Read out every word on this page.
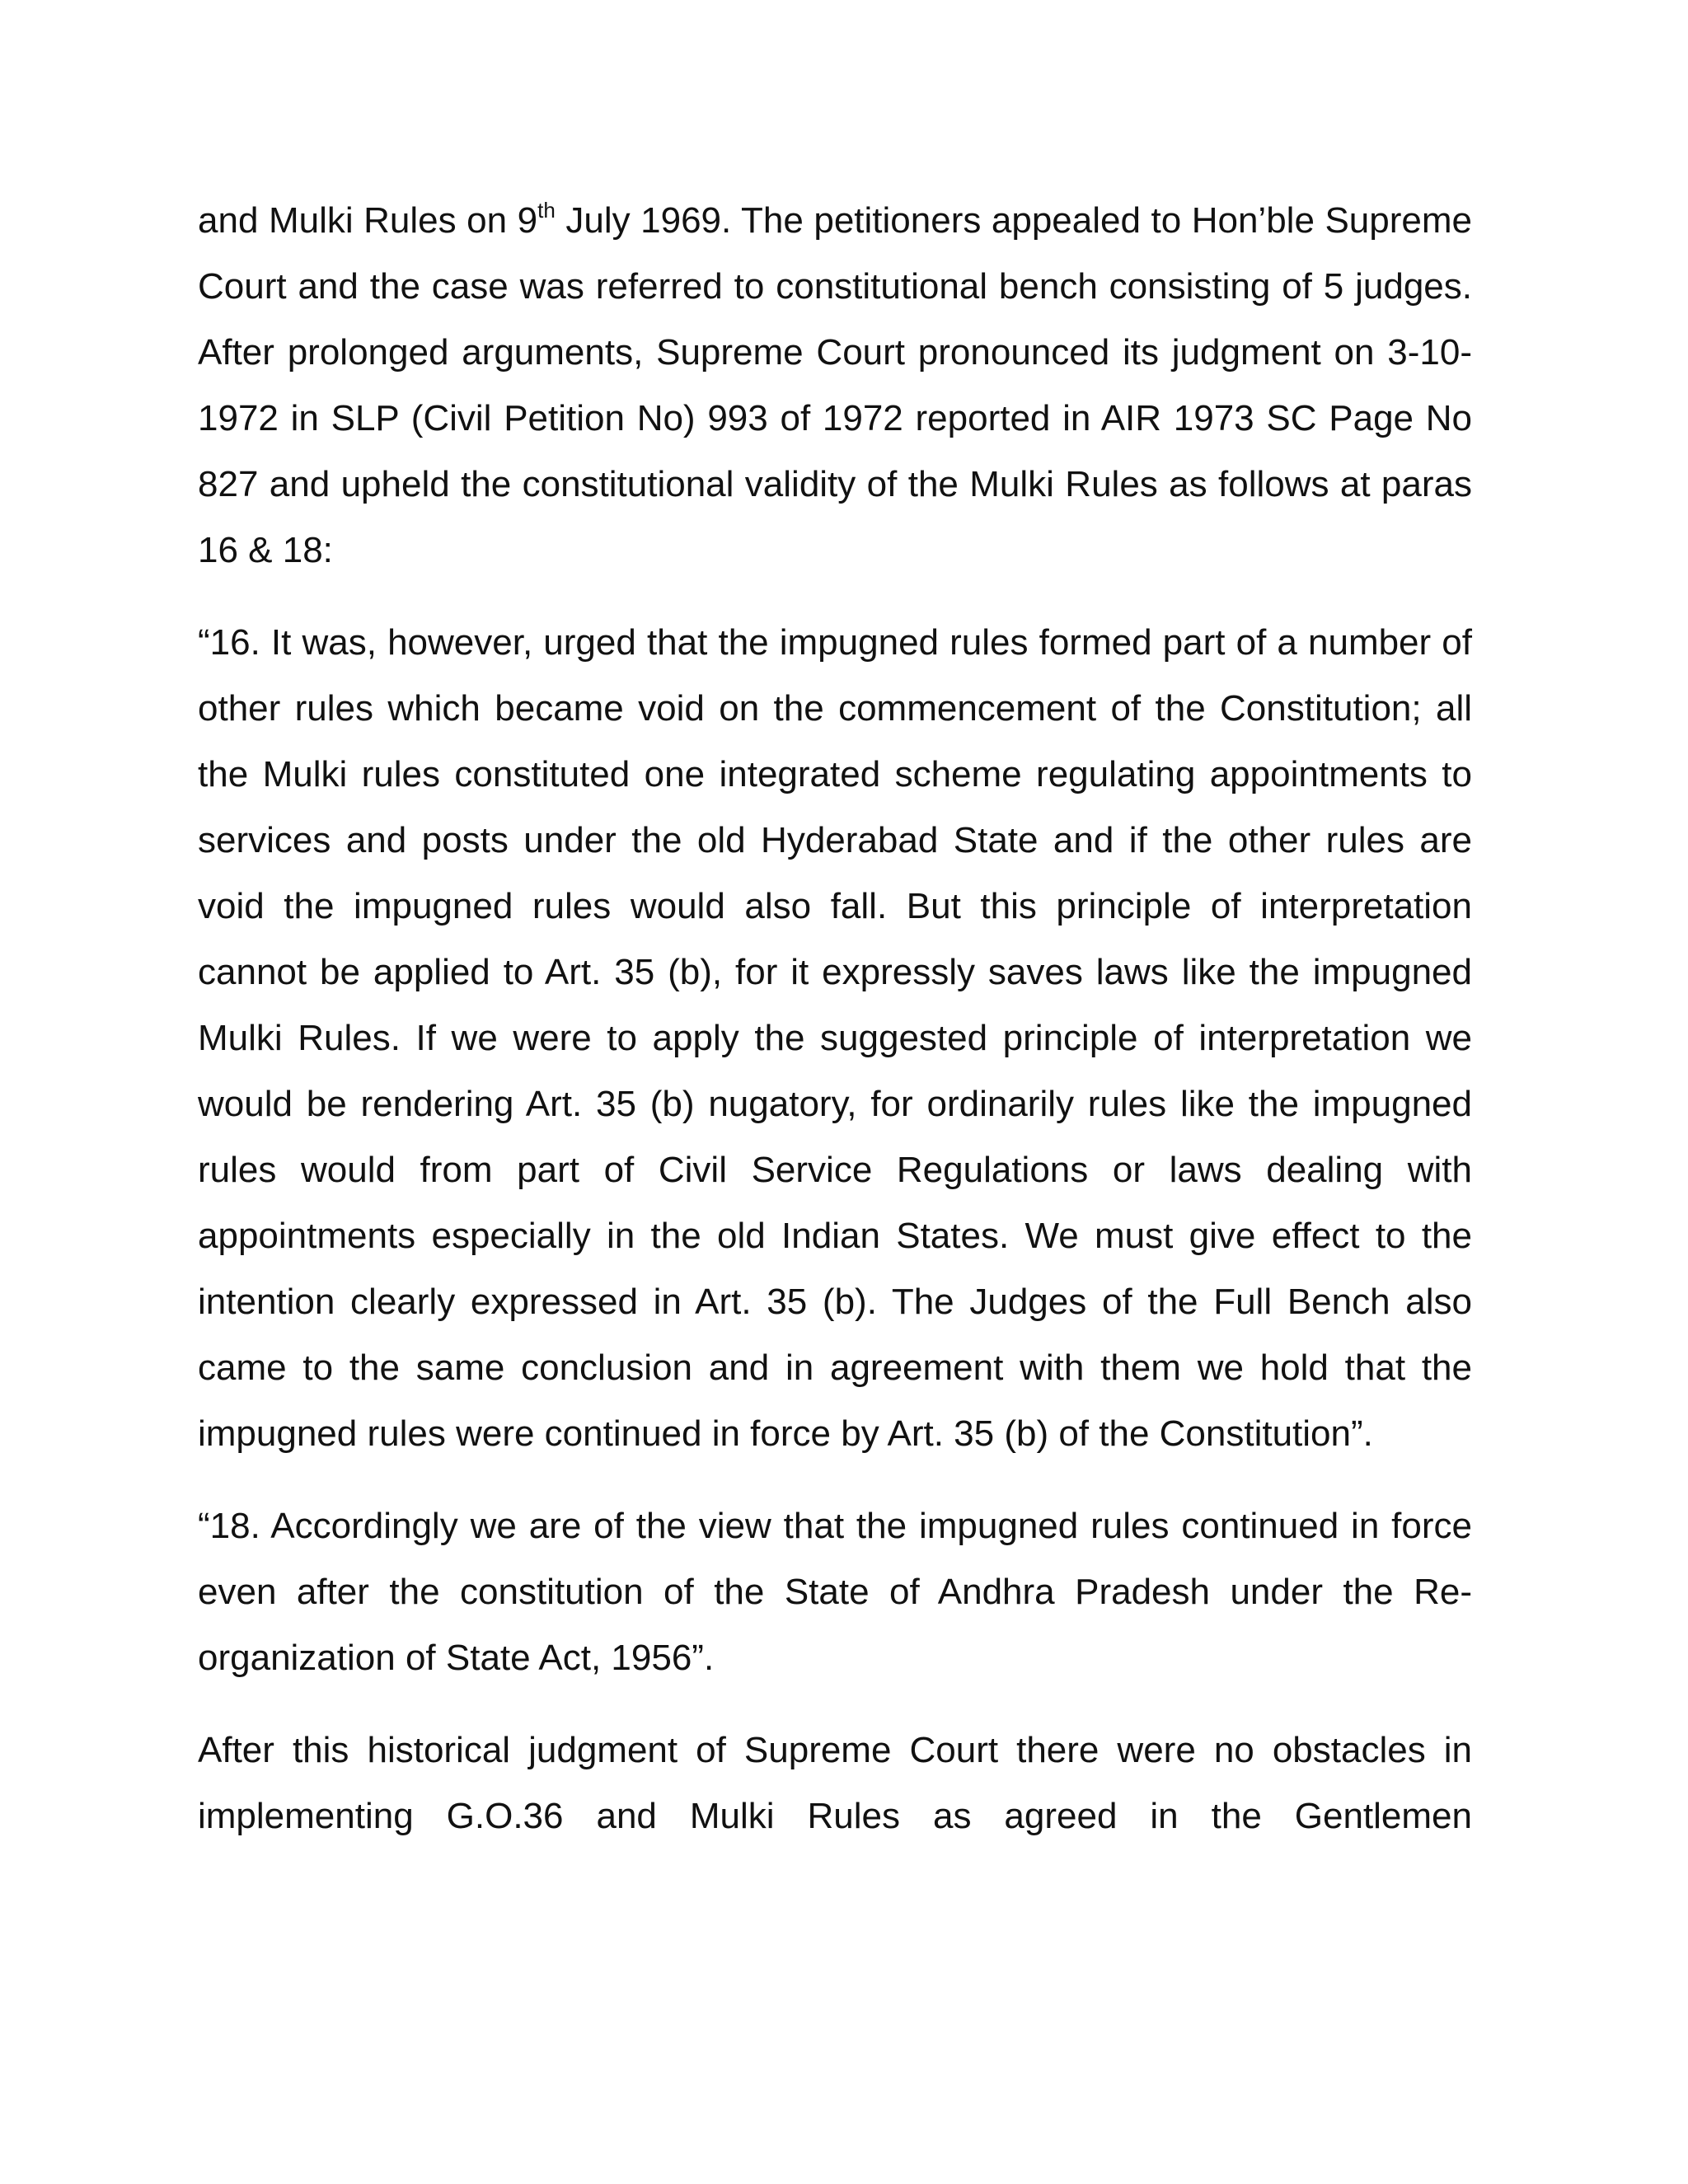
and Mulki Rules on 9th July 1969. The petitioners appealed to Hon’ble Supreme Court and the case was referred to constitutional bench consisting of 5 judges. After prolonged arguments, Supreme Court pronounced its judgment on 3-10-1972 in SLP (Civil Petition No) 993 of 1972 reported in AIR 1973 SC Page No 827 and upheld the constitutional validity of the Mulki Rules as follows at paras 16 & 18:

“16. It was, however, urged that the impugned rules formed part of a number of other rules which became void on the commencement of the Constitution; all the Mulki rules constituted one integrated scheme regulating appointments to services and posts under the old Hyderabad State and if the other rules are void the impugned rules would also fall. But this principle of interpretation cannot be applied to Art. 35 (b), for it expressly saves laws like the impugned Mulki Rules. If we were to apply the suggested principle of interpretation we would be rendering Art. 35 (b) nugatory, for ordinarily rules like the impugned rules would from part of Civil Service Regulations or laws dealing with appointments especially in the old Indian States. We must give effect to the intention clearly expressed in Art. 35 (b). The Judges of the Full Bench also came to the same conclusion and in agreement with them we hold that the impugned rules were continued in force by Art. 35 (b) of the Constitution”.

“18. Accordingly we are of the view that the impugned rules continued in force even after the constitution of the State of Andhra Pradesh under the Re-organization of State Act, 1956”.

After this historical judgment of Supreme Court there were no obstacles in implementing G.O.36 and Mulki Rules as agreed in the Gentlemen
